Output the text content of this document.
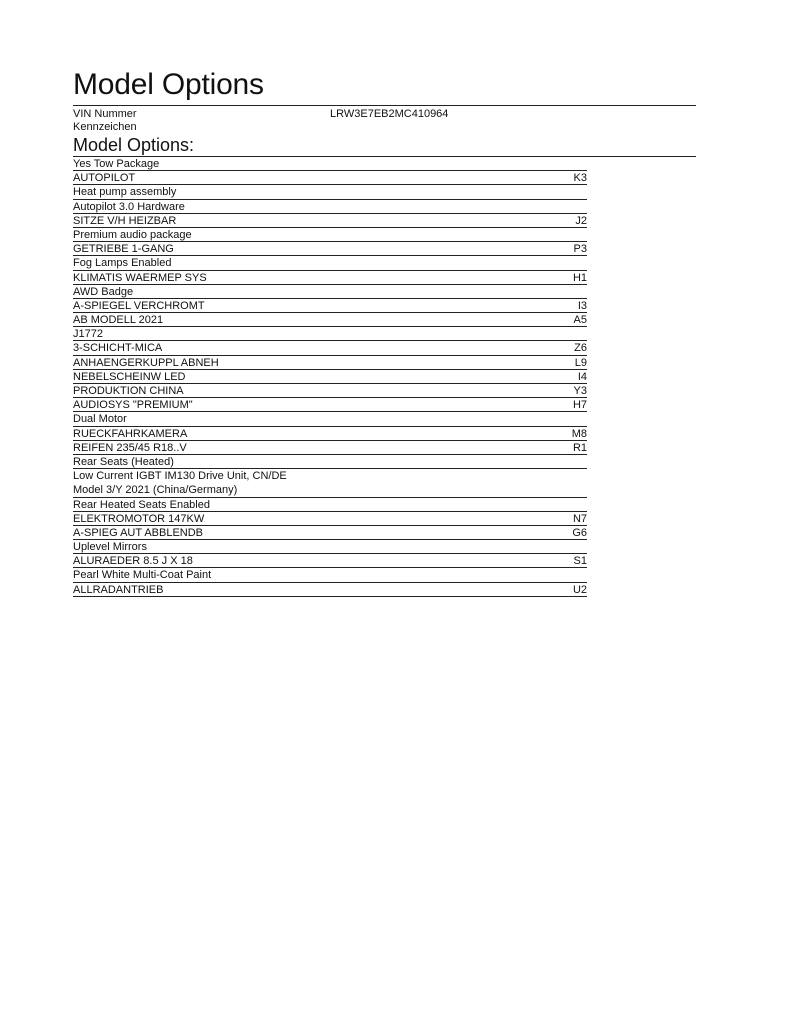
Model Options
VIN Nummer	LRW3E7EB2MC410964
Kennzeichen
Model Options:
Yes Tow Package
AUTOPILOT	K3
Heat pump assembly
Autopilot 3.0 Hardware
SITZE V/H HEIZBAR	J2
Premium audio package
GETRIEBE 1-GANG	P3
Fog Lamps Enabled
KLIMATIS WAERMEP SYS	H1
AWD Badge
A-SPIEGEL VERCHROMT	I3
AB MODELL 2021	A5
J1772
3-SCHICHT-MICA	Z6
ANHAENGERKUPPL ABNEH	L9
NEBELSCHEINW LED	I4
PRODUKTION CHINA	Y3
AUDIOSYS "PREMIUM"	H7
Dual Motor
RUECKFAHRKAMERA	M8
REIFEN 235/45 R18..V	R1
Rear Seats (Heated)
Low Current IGBT IM130 Drive Unit, CN/DE
Model 3/Y 2021 (China/Germany)
Rear Heated Seats Enabled
ELEKTROMOTOR 147KW	N7
A-SPIEG AUT ABBLENDB	G6
Uplevel Mirrors
ALURAEDER 8.5 J X 18	S1
Pearl White Multi-Coat Paint
ALLRADANTRIEB	U2
